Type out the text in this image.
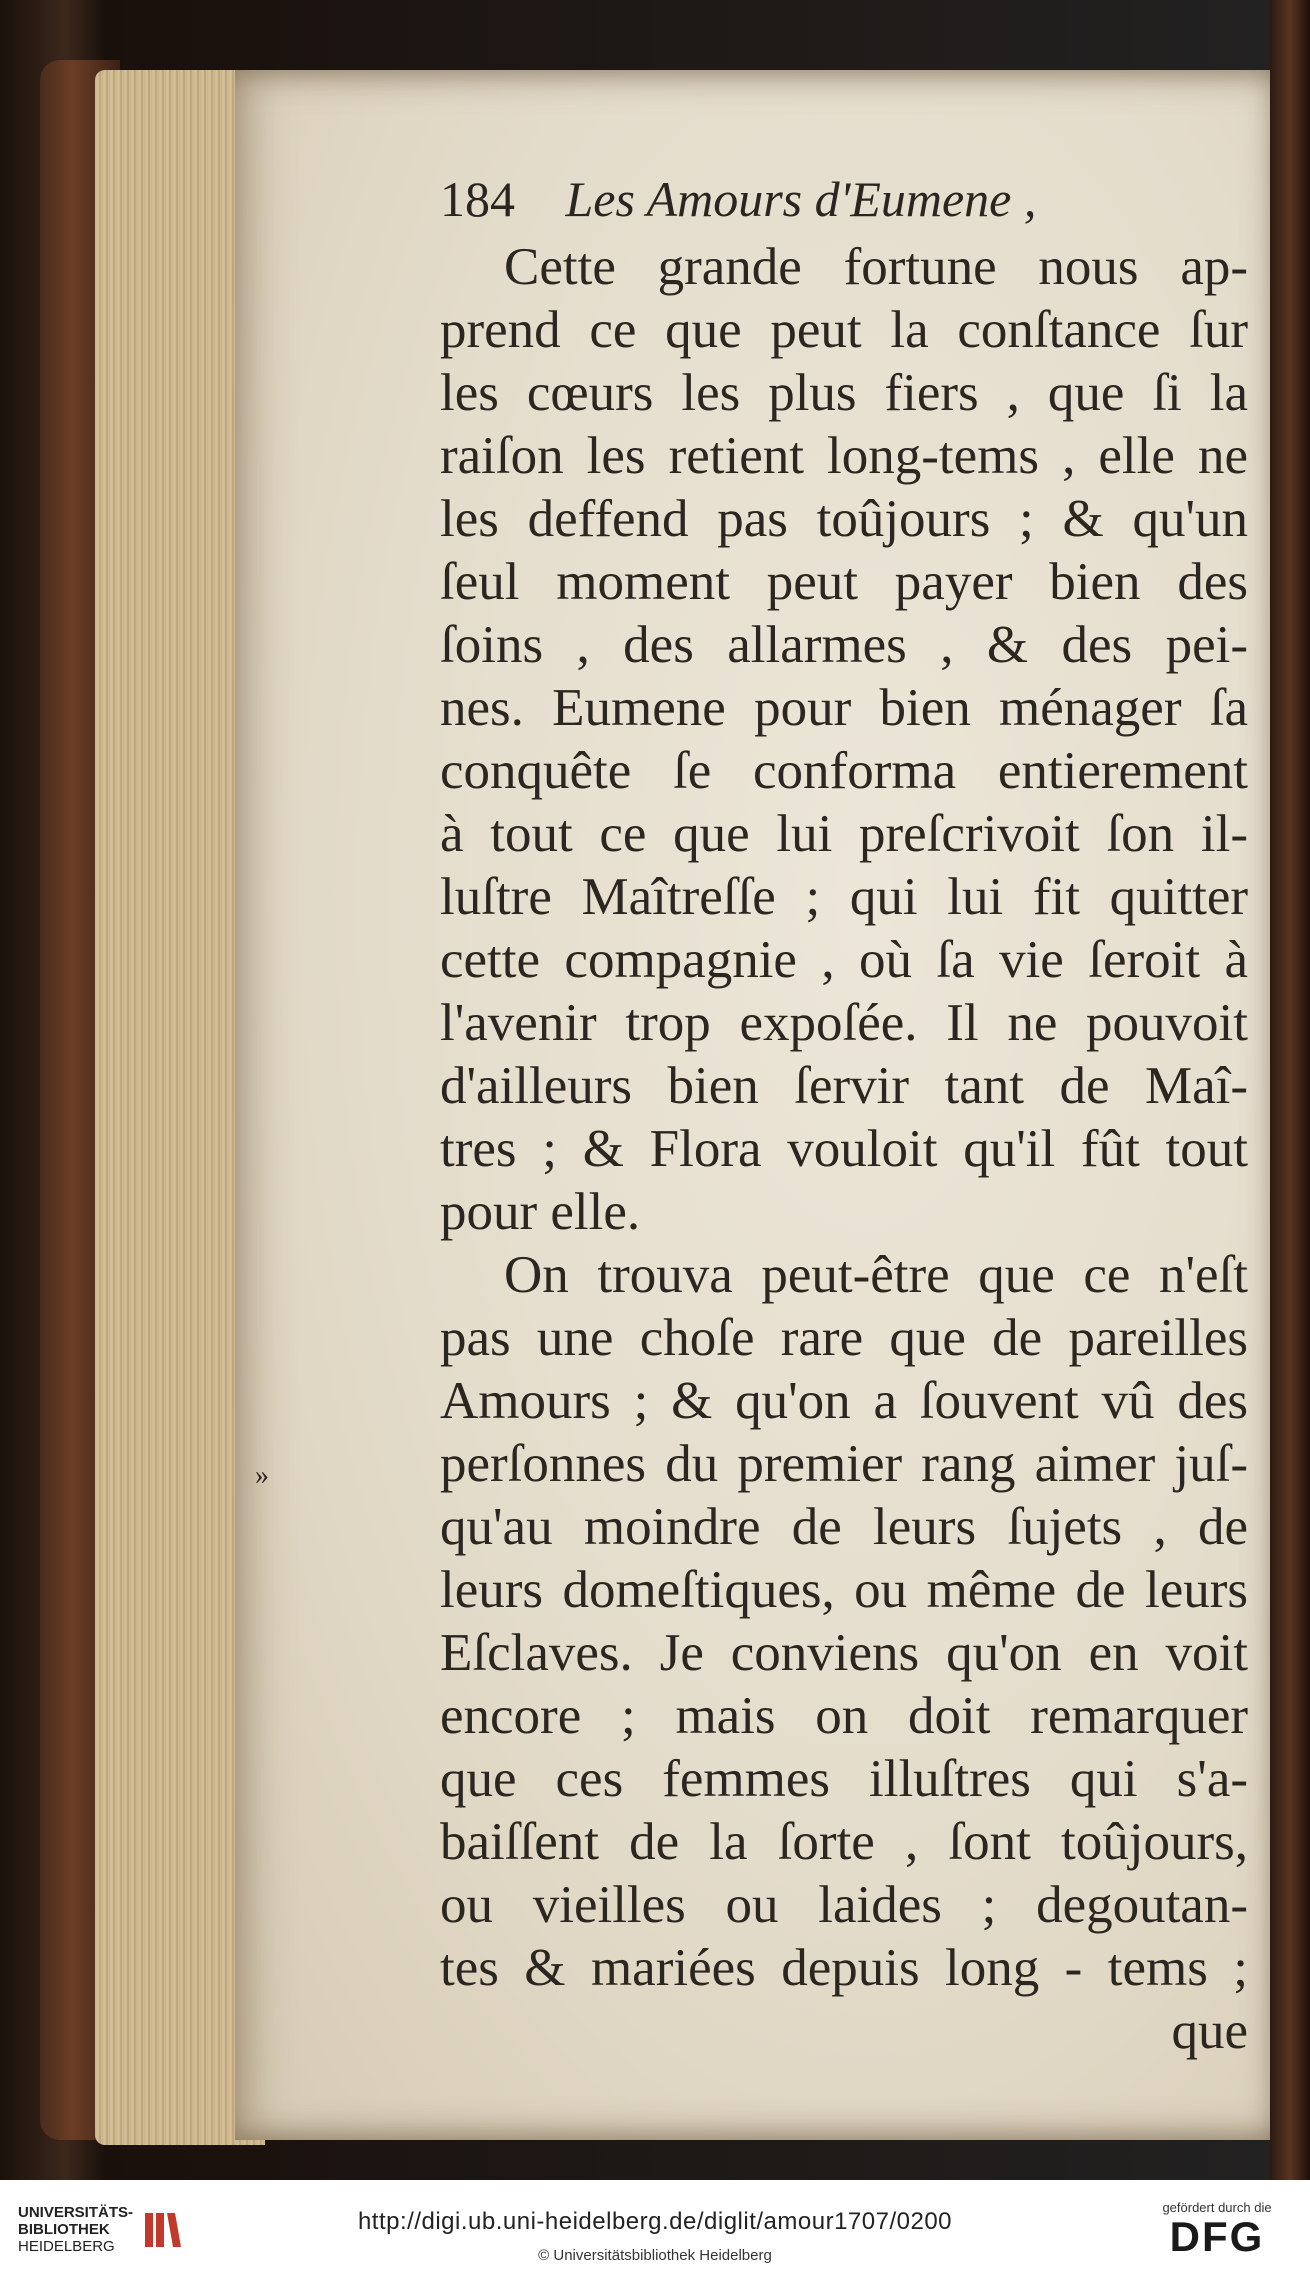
184 Les Amours d'Eumene ,
»
Cette grande fortune nous ap-
prend ce que peut la conſtance ſur
les cœurs les plus fiers , que ſi la
raiſon les retient long-tems , elle ne
les deffend pas toûjours ; & qu'un
ſeul moment peut payer bien des
ſoins , des allarmes , & des pei-
nes. Eumene pour bien ménager ſa
conquête ſe conforma entierement
à tout ce que lui preſcrivoit ſon il-
luſtre Maîtreſſe ; qui lui fit quitter
cette compagnie , où ſa vie ſeroit à
l'avenir trop expoſée. Il ne pouvoit
d'ailleurs bien ſervir tant de Maî-
tres ; & Flora vouloit qu'il fût tout
pour elle.
On trouva peut-être que ce n'eſt
pas une choſe rare que de pareilles
Amours ; & qu'on a ſouvent vû des
perſonnes du premier rang aimer juſ-
qu'au moindre de leurs ſujets , de
leurs domeſtiques, ou même de leurs
Eſclaves. Je conviens qu'on en voit
encore ; mais on doit remarquer
que ces femmes illuſtres qui s'a-
baiſſent de la ſorte , ſont toûjours,
ou vieilles ou laides ; degoutan-
tes & mariées depuis long - tems ;
que
UNIVERSITÄTS-
BIBLIOTHEK
HEIDELBERG
http://digi.ub.uni-heidelberg.de/diglit/amour1707/0200
© Universitätsbibliothek Heidelberg
gefördert durch die
DFG
